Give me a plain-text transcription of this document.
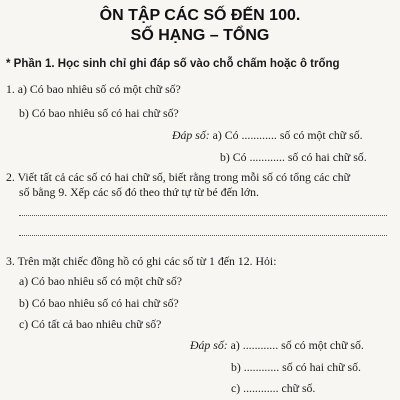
ÔN TẬP CÁC SỐ ĐẾN 100.
SỐ HẠNG – TỔNG
* Phần 1. Học sinh chỉ ghi đáp số vào chỗ chấm hoặc ô trống
1. a) Có bao nhiêu số có một chữ số?
b) Có bao nhiêu số có hai chữ số?
Đáp số: a) Có ............ số có một chữ số.
b) Có ............ số có hai chữ số.
2. Viết tất cả các số có hai chữ số, biết rằng trong mỗi số có tổng các chữ
số bằng 9. Xếp các số đó theo thứ tự từ bé đến lớn.
3. Trên mặt chiếc đồng hồ có ghi các số từ 1 đến 12. Hỏi:
a) Có bao nhiêu số có một chữ số?
b) Có bao nhiêu số có hai chữ số?
c) Có tất cả bao nhiêu chữ số?
Đáp số: a) ............ số có một chữ số.
b) ............ số có hai chữ số.
c) ............ chữ số.
